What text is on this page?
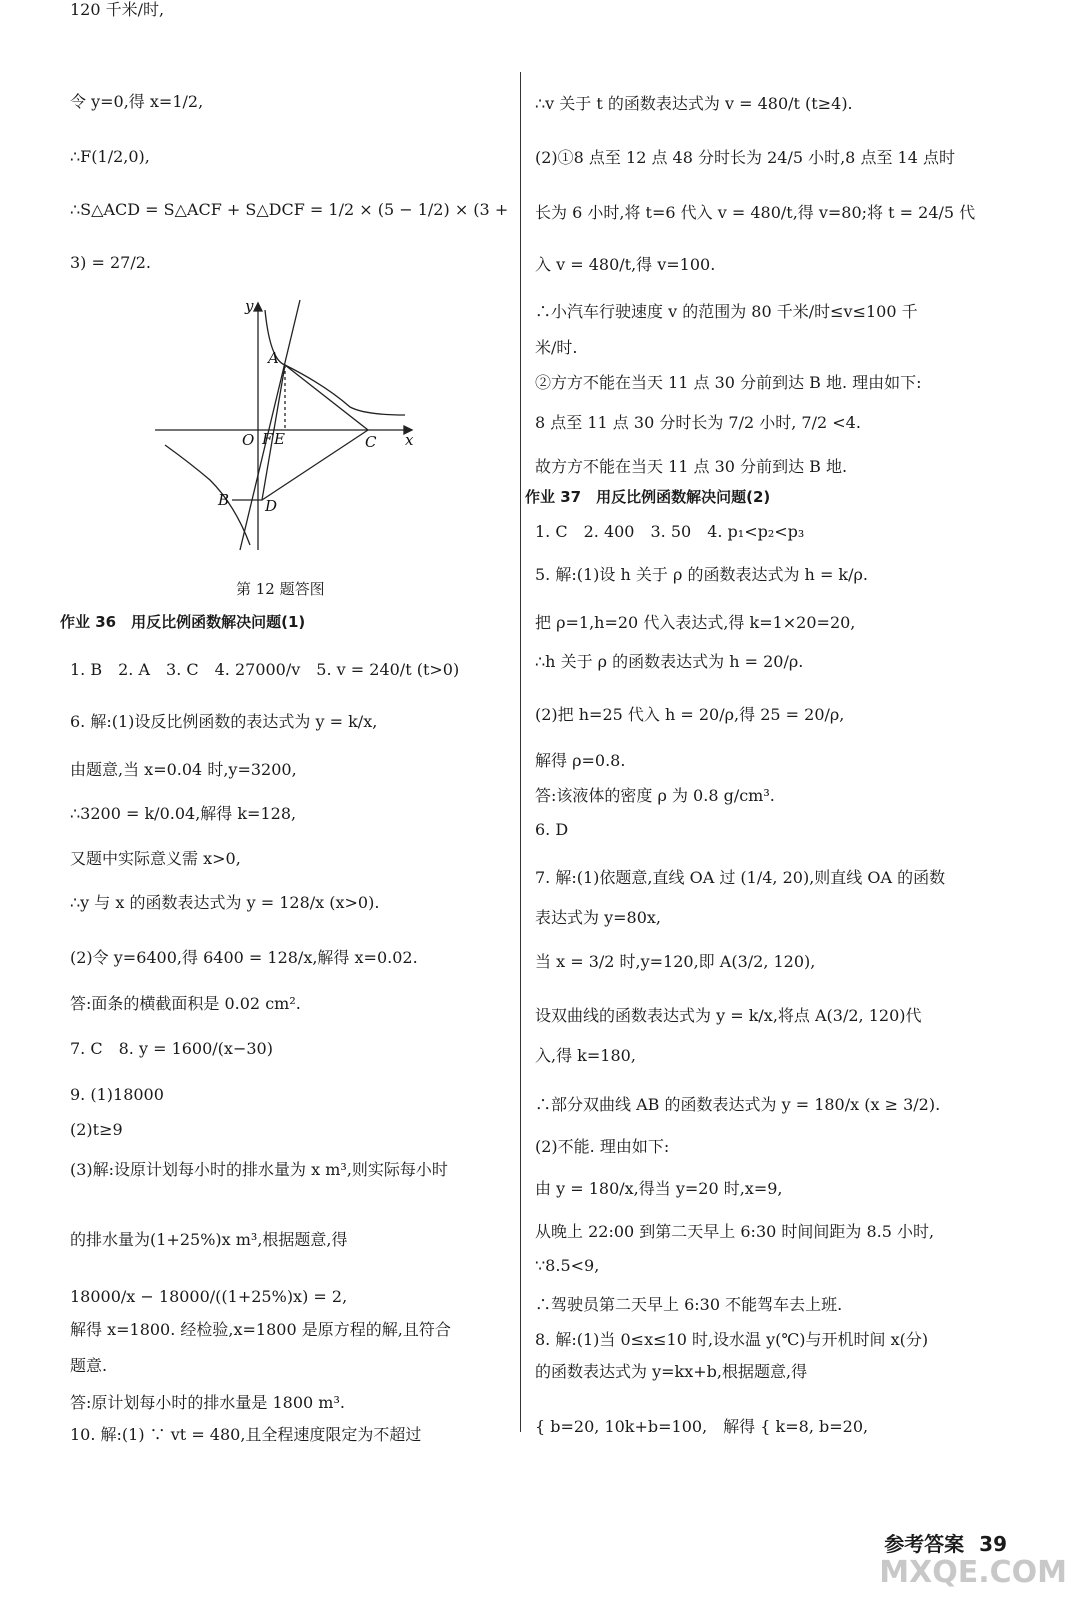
令 y=0,得 x=1/2,
∴F(1/2,0),
∴S△ACD = S△ACF + S△DCF = 1/2 × (5 − 1/2) × (3 +
3) = 27/2.
作业 36　用反比例函数解决问题(1)
1. B　2. A　3. C　4. 27000/v　5. v = 240/t (t>0)
6. 解:(1)设反比例函数的表达式为 y = k/x,
由题意,当 x=0.04 时,y=3200,
∴3200 = k/0.04,解得 k=128,
又题中实际意义需 x>0,
∴y 与 x 的函数表达式为 y = 128/x (x>0).
(2)令 y=6400,得 6400 = 128/x,解得 x=0.02.
答:面条的横截面积是 0.02 cm².
7. C　8. y = 1600/(x−30)
9. (1)18000
(2)t≥9
(3)解:设原计划每小时的排水量为 x m³,则实际每小时
的排水量为(1+25%)x m³,根据题意,得
18000/x − 18000/((1+25%)x) = 2,
解得 x=1800. 经检验,x=1800 是原方程的解,且符合
题意.
答:原计划每小时的排水量是 1800 m³.
10. 解:(1) ∵ vt = 480,且全程速度限定为不超过
120 千米/时,
y
x
O
A
F E	C
B D
第 12 题答图
∴v 关于 t 的函数表达式为 v = 480/t (t≥4).
(2)①8 点至 12 点 48 分时长为 24/5 小时,8 点至 14 点时
长为 6 小时,将 t=6 代入 v = 480/t,得 v=80;将 t = 24/5 代
入 v = 480/t,得 v=100.
∴小汽车行驶速度 v 的范围为 80 千米/时≤v≤100 千
米/时.
②方方不能在当天 11 点 30 分前到达 B 地. 理由如下:
8 点至 11 点 30 分时长为 7/2 小时, 7/2 <4.
故方方不能在当天 11 点 30 分前到达 B 地.
作业 37　用反比例函数解决问题(2)
1. C　2. 400　3. 50　4. p₁<p₂<p₃
5. 解:(1)设 h 关于 ρ 的函数表达式为 h = k/ρ.
把 ρ=1,h=20 代入表达式,得 k=1×20=20,
∴h 关于 ρ 的函数表达式为 h = 20/ρ.
(2)把 h=25 代入 h = 20/ρ,得 25 = 20/ρ,
解得 ρ=0.8.
答:该液体的密度 ρ 为 0.8 g/cm³.
6. D
7. 解:(1)依题意,直线 OA 过 (1/4, 20),则直线 OA 的函数
表达式为 y=80x,
当 x = 3/2 时,y=120,即 A(3/2, 120),
设双曲线的函数表达式为 y = k/x,将点 A(3/2, 120)代
入,得 k=180,
∴部分双曲线 AB 的函数表达式为 y = 180/x (x ≥ 3/2).
(2)不能. 理由如下:
由 y = 180/x,得当 y=20 时,x=9,
从晚上 22:00 到第二天早上 6:30 时间间距为 8.5 小时,
∵8.5<9,
∴驾驶员第二天早上 6:30 不能驾车去上班.
8. 解:(1)当 0≤x≤10 时,设水温 y(℃)与开机时间 x(分)
的函数表达式为 y=kx+b,根据题意,得
{ b=20, 10k+b=100,　解得 { k=8, b=20,
参考答案 39
MXQE.COM
